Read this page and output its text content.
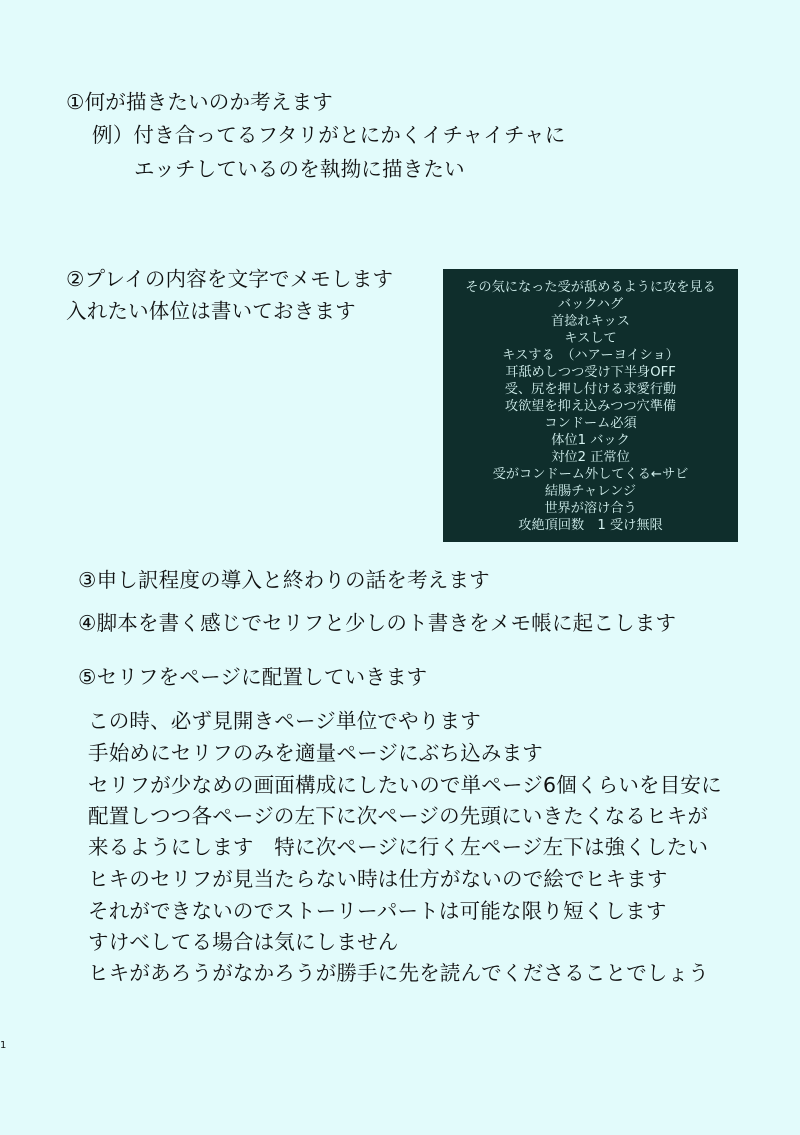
①何が描きたいのか考えます
例）付き合ってるフタリがとにかくイチャイチャに
エッチしているのを執拗に描きたい
②プレイの内容を文字でメモします
入れたい体位は書いておきます
その気になった受が舐めるように攻を見る
バックハグ
首捻れキッス
キスして
キスする　（ハアーヨイショ）
耳舐めしつつ受け下半身OFF
受、尻を押し付ける求愛行動
攻欲望を抑え込みつつ穴準備
コンドーム必須
体位1 バック
対位2 正常位
受がコンドーム外してくる←サビ
結腸チャレンジ
世界が溶け合う
攻絶頂回数　1 受け無限
③申し訳程度の導入と終わりの話を考えます
④脚本を書く感じでセリフと少しのト書きをメモ帳に起こします
⑤セリフをページに配置していきます
この時、必ず見開きページ単位でやります
手始めにセリフのみを適量ページにぶち込みます
セリフが少なめの画面構成にしたいので単ページ6個くらいを目安に
配置しつつ各ページの左下に次ページの先頭にいきたくなるヒキが
来るようにします　特に次ページに行く左ページ左下は強くしたい
ヒキのセリフが見当たらない時は仕方がないので絵でヒキます
それができないのでストーリーパートは可能な限り短くします
すけべしてる場合は気にしません
ヒキがあろうがなかろうが勝手に先を読んでくださることでしょう
1
